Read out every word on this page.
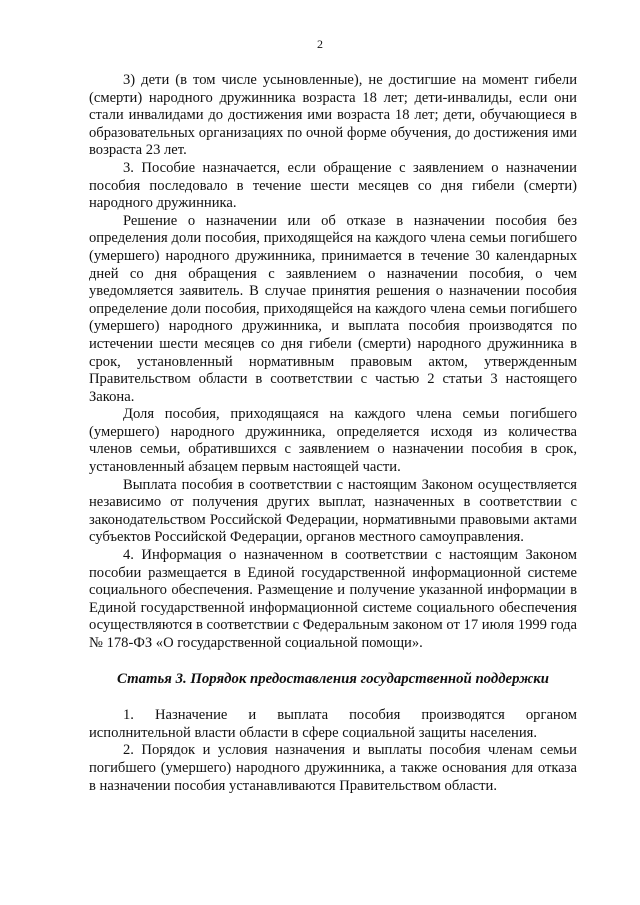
2

3) дети (в том числе усыновленные), не достигшие на момент гибели (смерти) народного дружинника возраста 18 лет; дети-инвалиды, если они стали инвалидами до достижения ими возраста 18 лет; дети, обучающиеся в образовательных организациях по очной форме обучения, до достижения ими возраста 23 лет.

3. Пособие назначается, если обращение с заявлением о назначении пособия последовало в течение шести месяцев со дня гибели (смерти) народного дружинника.

Решение о назначении или об отказе в назначении пособия без определения доли пособия, приходящейся на каждого члена семьи погибшего (умершего) народного дружинника, принимается в течение 30 календарных дней со дня обращения с заявлением о назначении пособия, о чем уведомляется заявитель. В случае принятия решения о назначении пособия определение доли пособия, приходящейся на каждого члена семьи погибшего (умершего) народного дружинника, и выплата пособия производятся по истечении шести месяцев со дня гибели (смерти) народного дружинника в срок, установленный нормативным правовым актом, утвержденным Правительством области в соответствии с частью 2 статьи 3 настоящего Закона.

Доля пособия, приходящаяся на каждого члена семьи погибшего (умершего) народного дружинника, определяется исходя из количества членов семьи, обратившихся с заявлением о назначении пособия в срок, установленный абзацем первым настоящей части.

Выплата пособия в соответствии с настоящим Законом осуществляется независимо от получения других выплат, назначенных в соответствии с законодательством Российской Федерации, нормативными правовыми актами субъектов Российской Федерации, органов местного самоуправления.

4. Информация о назначенном в соответствии с настоящим Законом пособии размещается в Единой государственной информационной системе социального обеспечения. Размещение и получение указанной информации в Единой государственной информационной системе социального обеспечения осуществляются в соответствии с Федеральным законом от 17 июля 1999 года № 178-ФЗ «О государственной социальной помощи».

Статья 3. Порядок предоставления государственной поддержки

1. Назначение и выплата пособия производятся органом исполнительной власти области в сфере социальной защиты населения.

2. Порядок и условия назначения и выплаты пособия членам семьи погибшего (умершего) народного дружинника, а также основания для отказа в назначении пособия устанавливаются Правительством области.
